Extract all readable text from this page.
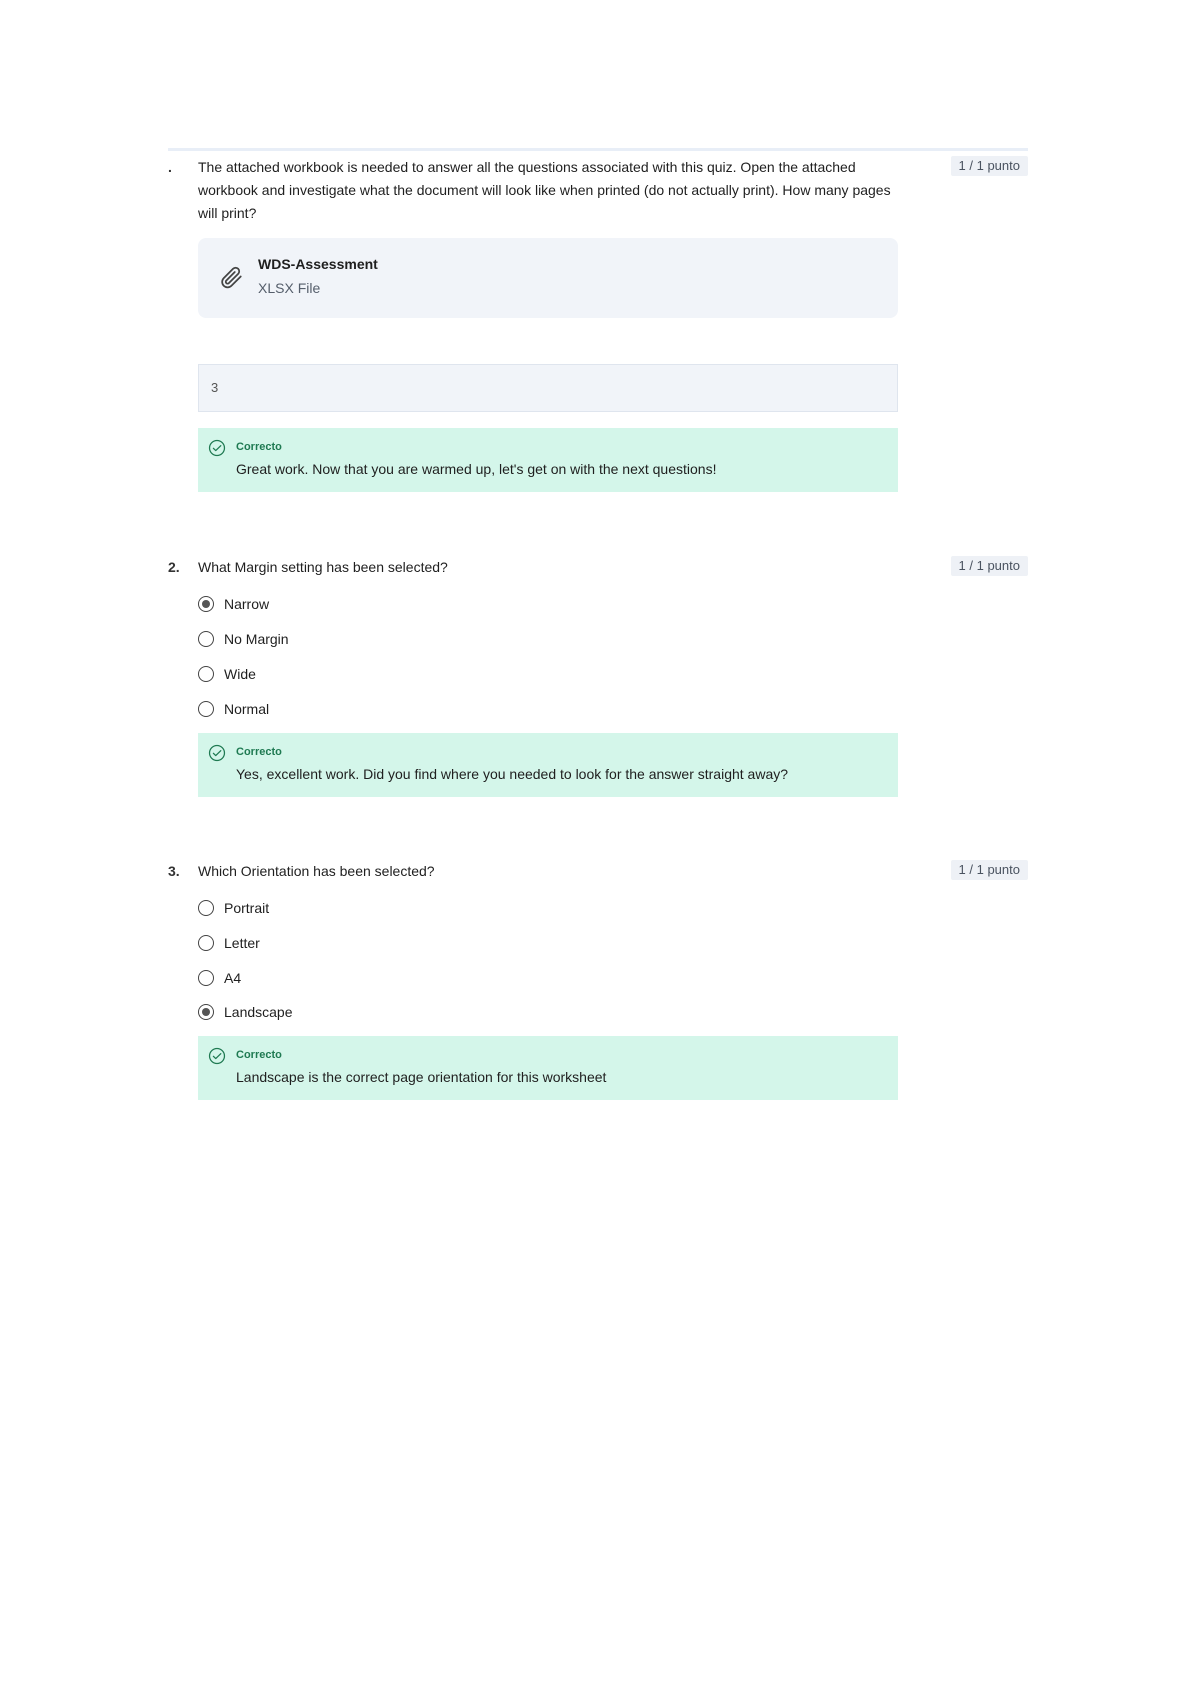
. The attached workbook is needed to answer all the questions associated with this quiz. Open the attached workbook and investigate what the document will look like when printed (do not actually print). How many pages will print?

1 / 1 punto
WDS-Assessment
XLSX File
3
Correcto
Great work. Now that you are warmed up, let's get on with the next questions!
2. What Margin setting has been selected?	1 / 1 punto
Narrow
No Margin
Wide
Normal
Correcto
Yes, excellent work. Did you find where you needed to look for the answer straight away?
3. Which Orientation has been selected?	1 / 1 punto
Portrait
Letter
A4
Landscape
Correcto
Landscape is the correct page orientation for this worksheet
